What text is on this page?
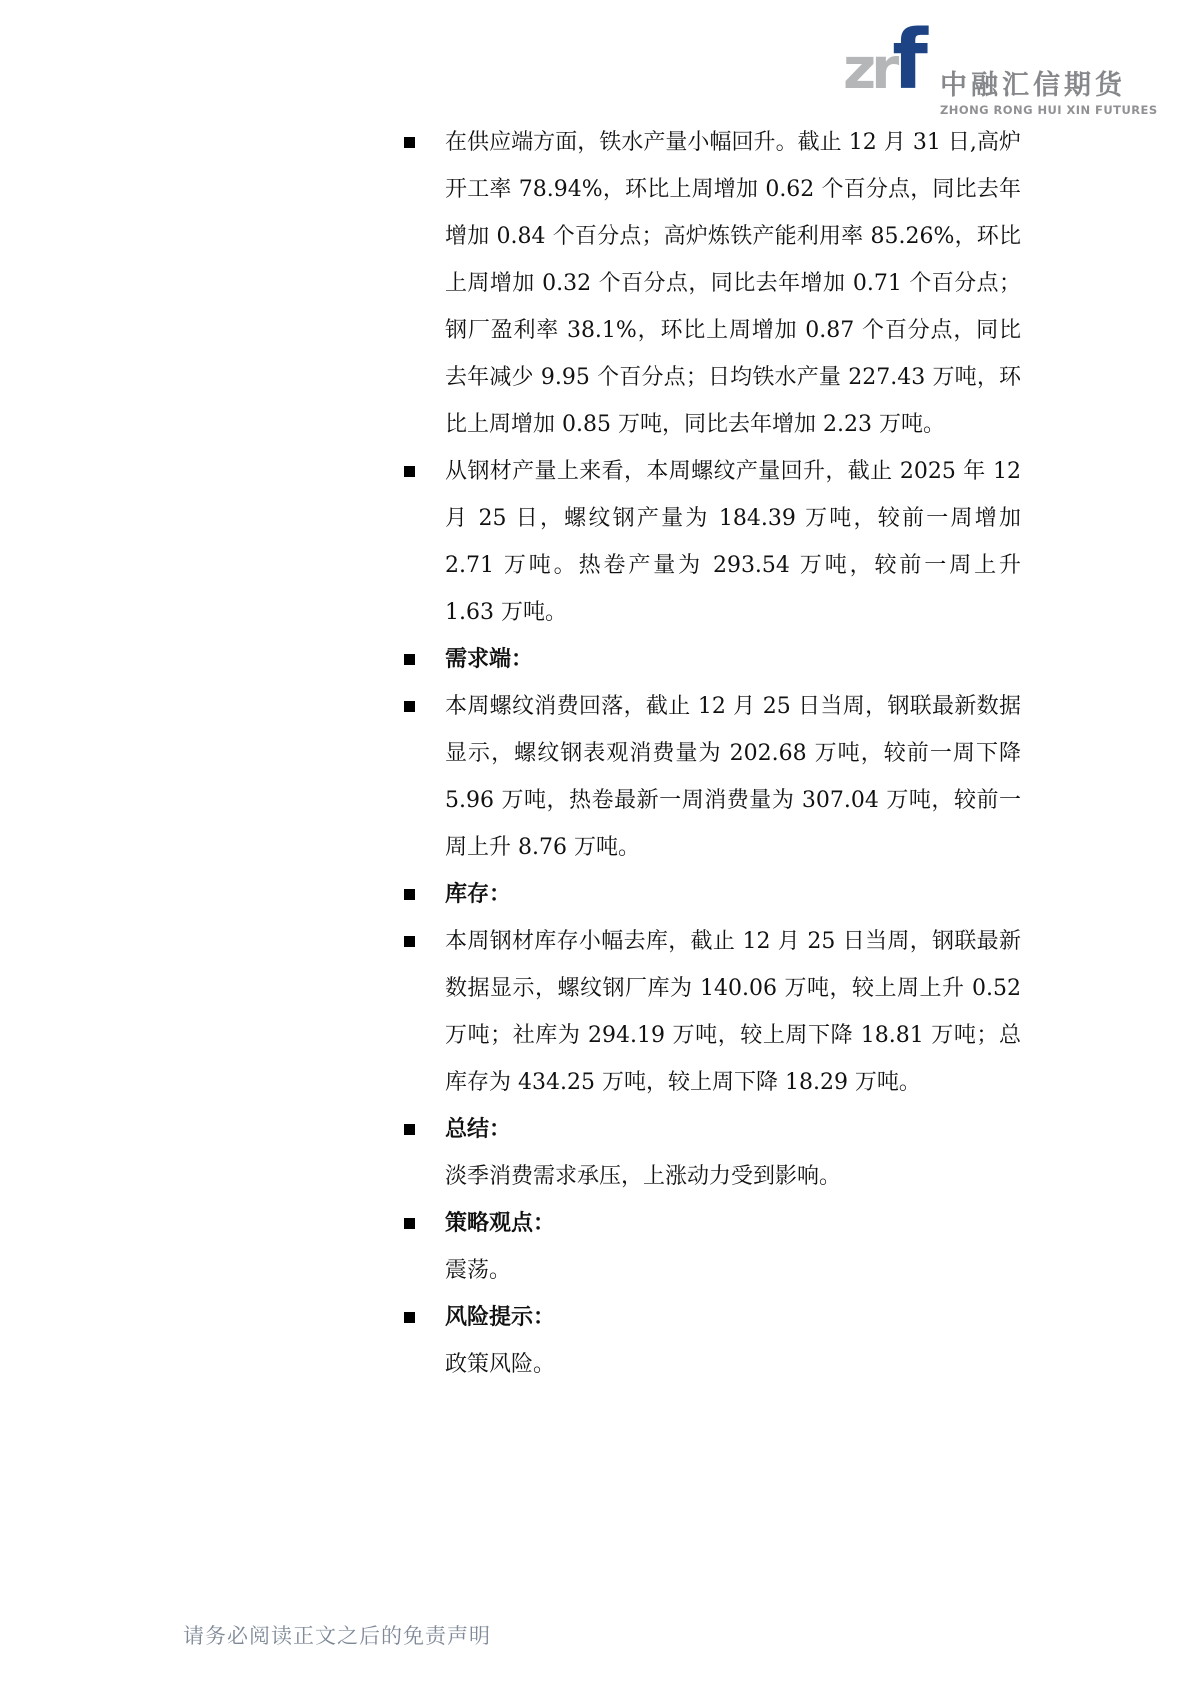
zr
f 中融汇信期货
ZHONG RONG HUI XIN FUTURES
在供应端方面，铁水产量小幅回升。截止 12 月 31 日,高炉开工率 78.94%，环比上周增加 0.62 个百分点，同比去年增加 0.84 个百分点；高炉炼铁产能利用率 85.26%，环比上周增加 0.32 个百分点，同比去年增加 0.71 个百分点；钢厂盈利率 38.1%，环比上周增加 0.87 个百分点，同比去年减少 9.95 个百分点；日均铁水产量 227.43 万吨，环比上周增加 0.85 万吨，同比去年增加 2.23 万吨。
从钢材产量上来看，本周螺纹产量回升，截止 2025 年 12 月 25 日，螺纹钢产量为 184.39 万吨，较前一周增加 2.71 万吨。热卷产量为 293.54 万吨，较前一周上升 1.63 万吨。
需求端：
本周螺纹消费回落，截止 12 月 25 日当周，钢联最新数据显示，螺纹钢表观消费量为 202.68 万吨，较前一周下降 5.96 万吨，热卷最新一周消费量为 307.04 万吨，较前一周上升 8.76 万吨。
库存：
本周钢材库存小幅去库，截止 12 月 25 日当周，钢联最新数据显示，螺纹钢厂库为 140.06 万吨，较上周上升 0.52 万吨；社库为 294.19 万吨，较上周下降 18.81 万吨；总库存为 434.25 万吨，较上周下降 18.29 万吨。
总结：
淡季消费需求承压，上涨动力受到影响。
策略观点：
震荡。
风险提示：
政策风险。
请务必阅读正文之后的免责声明
